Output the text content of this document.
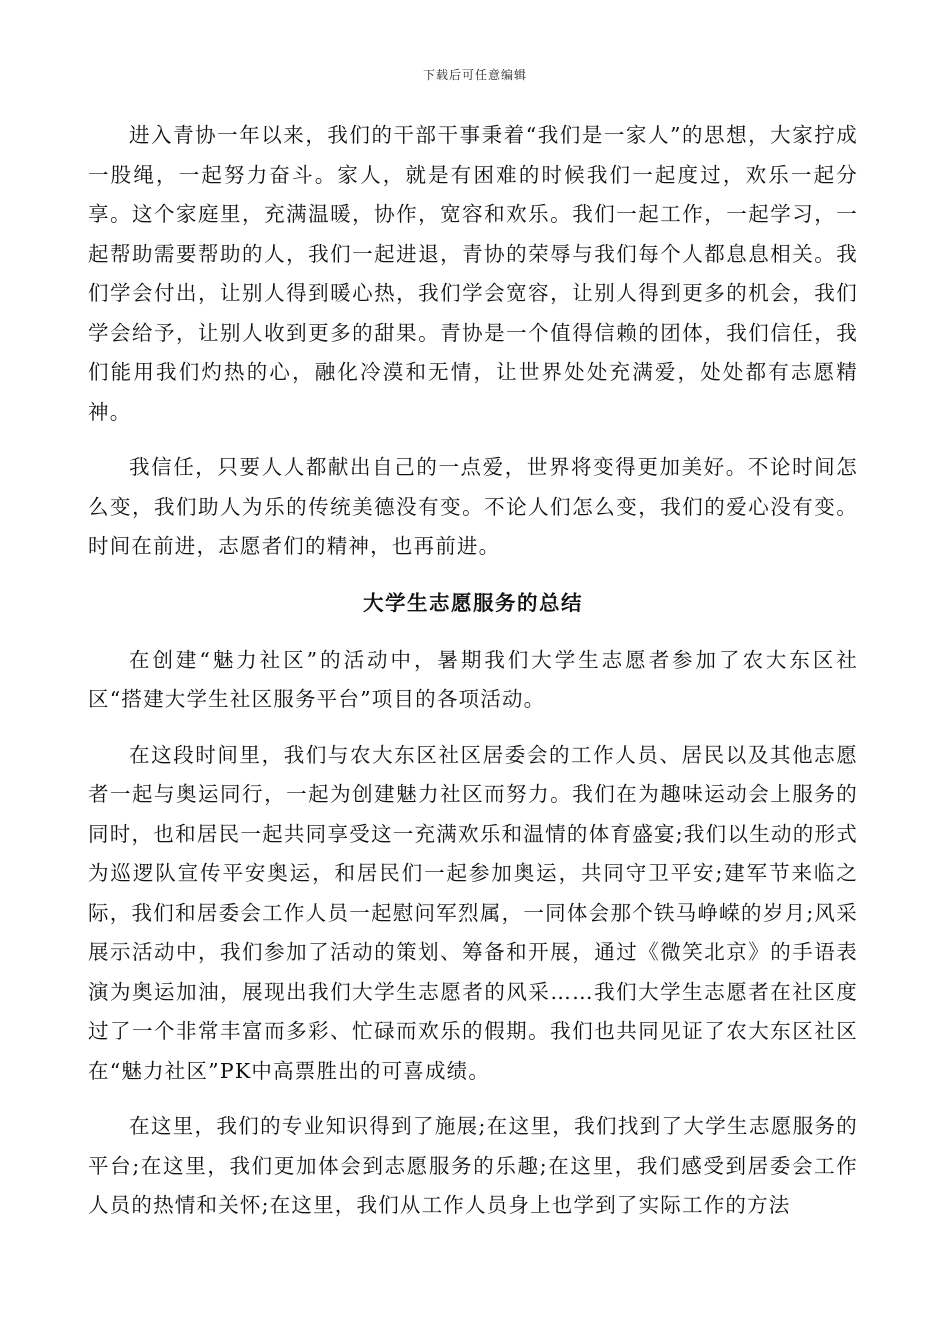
下载后可任意编辑

进入青协一年以来，我们的干部干事秉着“我们是一家人”的思想，大家拧成一股绳，一起努力奋斗。家人，就是有困难的时候我们一起度过，欢乐一起分享。这个家庭里，充满温暖，协作，宽容和欢乐。我们一起工作，一起学习，一起帮助需要帮助的人，我们一起进退，青协的荣辱与我们每个人都息息相关。我们学会付出，让别人得到暖心热，我们学会宽容，让别人得到更多的机会，我们学会给予，让别人收到更多的甜果。青协是一个值得信赖的团体，我们信任，我们能用我们灼热的心，融化冷漠和无情，让世界处处充满爱，处处都有志愿精神。

我信任，只要人人都献出自己的一点爱，世界将变得更加美好。不论时间怎么变，我们助人为乐的传统美德没有变。不论人们怎么变，我们的爱心没有变。时间在前进，志愿者们的精神，也再前进。

大学生志愿服务的总结

在创建“魅力社区”的活动中，暑期我们大学生志愿者参加了农大东区社区“搭建大学生社区服务平台”项目的各项活动。

在这段时间里，我们与农大东区社区居委会的工作人员、居民以及其他志愿者一起与奥运同行，一起为创建魅力社区而努力。我们在为趣味运动会上服务的同时，也和居民一起共同享受这一充满欢乐和温情的体育盛宴;我们以生动的形式为巡逻队宣传平安奥运，和居民们一起参加奥运，共同守卫平安;建军节来临之际，我们和居委会工作人员一起慰问军烈属，一同体会那个铁马峥嵘的岁月;风采展示活动中，我们参加了活动的策划、筹备和开展，通过《微笑北京》的手语表演为奥运加油，展现出我们大学生志愿者的风采……我们大学生志愿者在社区度过了一个非常丰富而多彩、忙碌而欢乐的假期。我们也共同见证了农大东区社区在“魅力社区”PK中高票胜出的可喜成绩。

在这里，我们的专业知识得到了施展;在这里，我们找到了大学生志愿服务的平台;在这里，我们更加体会到志愿服务的乐趣;在这里，我们感受到居委会工作人员的热情和关怀;在这里，我们从工作人员身上也学到了实际工作的方法
